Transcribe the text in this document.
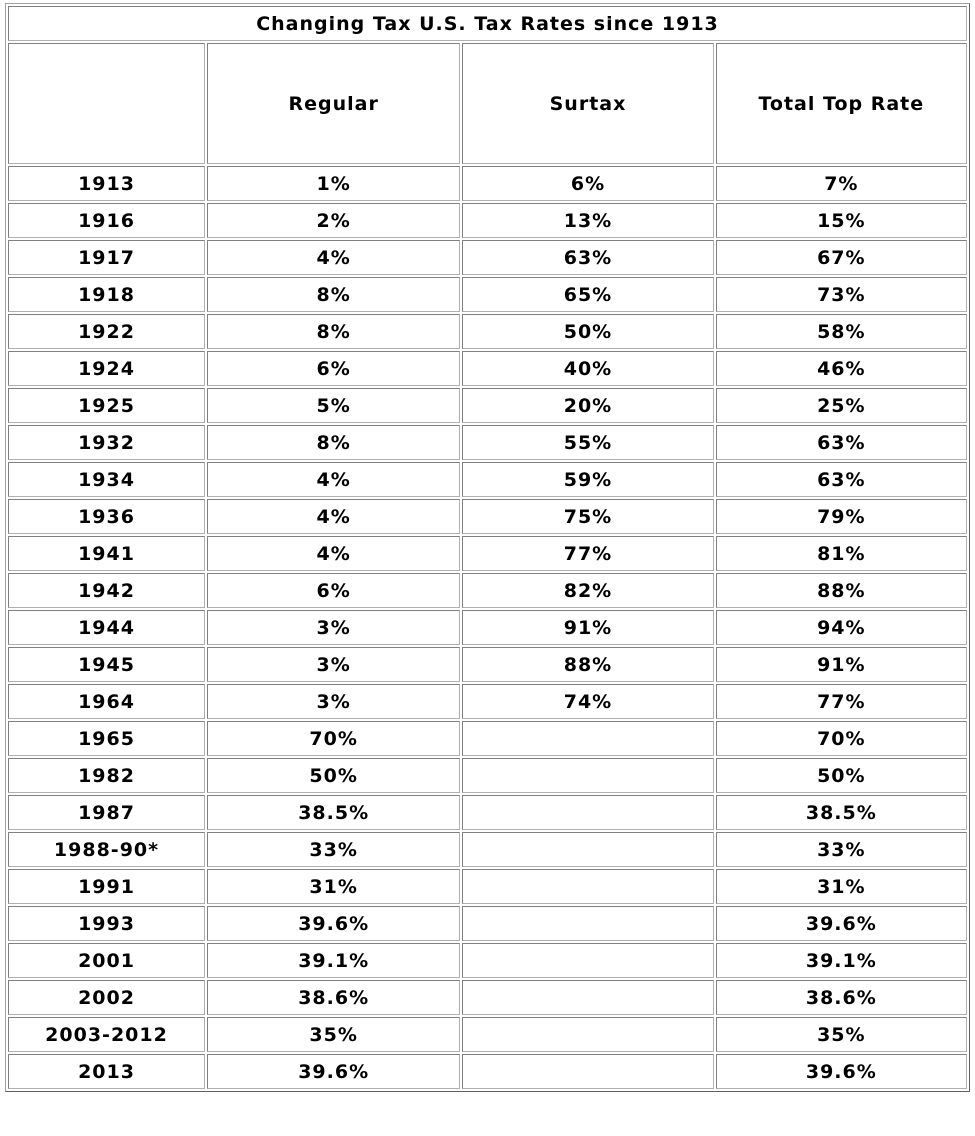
Changing Tax U.S. Tax Rates since 1913			
	Regular	Surtax	Total Top Rate
1913	1%	6%	7%
1916	2%	13%	15%
1917	4%	63%	67%
1918	8%	65%	73%
1922	8%	50%	58%
1924	6%	40%	46%
1925	5%	20%	25%
1932	8%	55%	63%
1934	4%	59%	63%
1936	4%	75%	79%
1941	4%	77%	81%
1942	6%	82%	88%
1944	3%	91%	94%
1945	3%	88%	91%
1964	3%	74%	77%
1965	70%		70%
1982	50%		50%
1987	38.5%		38.5%
1988-90*	33%		33%
1991	31%		31%
1993	39.6%		39.6%
2001	39.1%		39.1%
2002	38.6%		38.6%
2003-2012	35%		35%
2013	39.6%		39.6%
